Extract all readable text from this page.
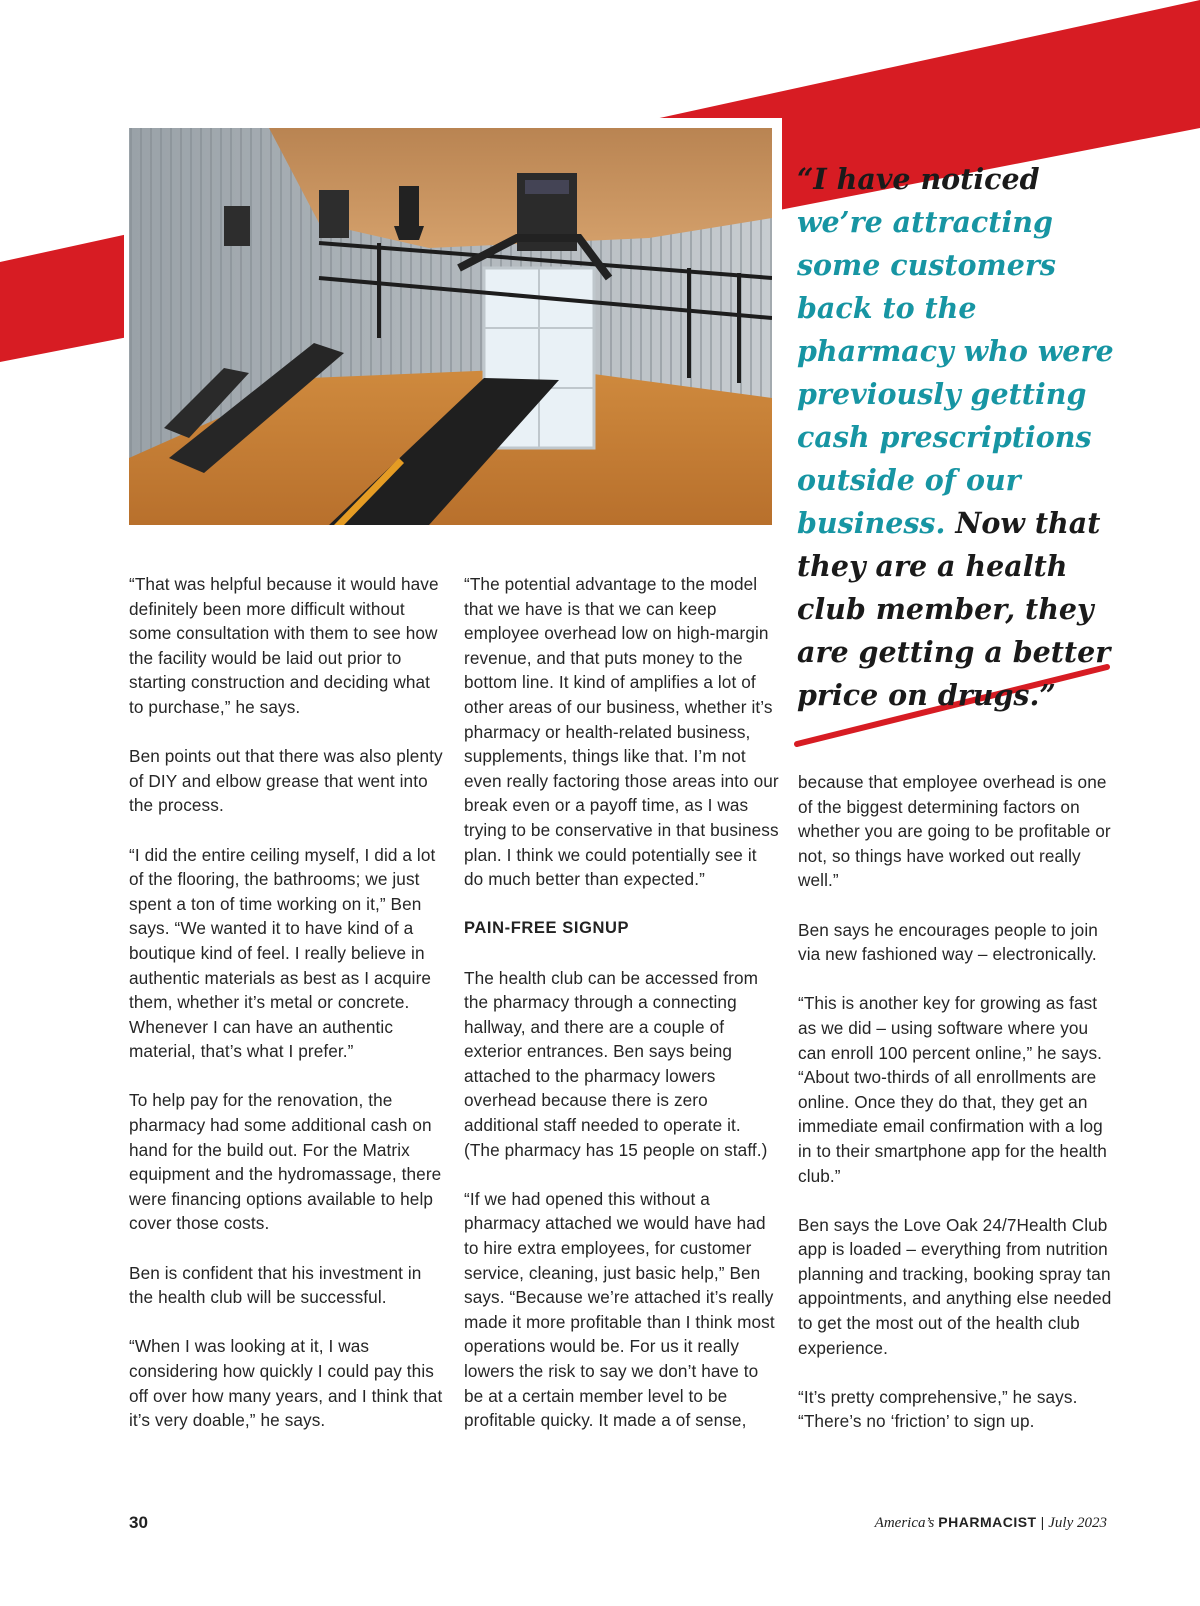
“I have noticed we’re attracting some customers back to the pharmacy who were previously getting cash prescriptions outside of our business. Now that they are a health club member, they are getting a better price on drugs.”

“That was helpful because it would have definitely been more difficult without some consultation with them to see how the facility would be laid out prior to starting construction and deciding what to purchase,” he says.

Ben points out that there was also plenty of DIY and elbow grease that went into the process.

“I did the entire ceiling myself, I did a lot of the flooring, the bathrooms; we just spent a ton of time working on it,” Ben says. “We wanted it to have kind of a boutique kind of feel. I really believe in authentic materials as best as I acquire them, whether it’s metal or concrete. Whenever I can have an authentic material, that’s what I prefer.”

To help pay for the renovation, the pharmacy had some additional cash on hand for the build out. For the Matrix equipment and the hydromassage, there were financing options available to help cover those costs.

Ben is confident that his investment in the health club will be successful.

“When I was looking at it, I was considering how quickly I could pay this off over how many years, and I think that it’s very doable,” he says.

“The potential advantage to the model that we have is that we can keep employee overhead low on high-margin revenue, and that puts money to the bottom line. It kind of amplifies a lot of other areas of our business, whether it’s pharmacy or health-related business, supplements, things like that. I’m not even really factoring those areas into our break even or a payoff time, as I was trying to be conservative in that business plan. I think we could potentially see it do much better than expected.”

PAIN-FREE SIGNUP

The health club can be accessed from the pharmacy through a connecting hallway, and there are a couple of exterior entrances. Ben says being attached to the pharmacy lowers overhead because there is zero additional staff needed to operate it. (The pharmacy has 15 people on staff.)

“If we had opened this without a pharmacy attached we would have had to hire extra employees, for customer service, cleaning, just basic help,” Ben says. “Because we’re attached it’s really made it more profitable than I think most operations would be. For us it really lowers the risk to say we don’t have to be at a certain member level to be profitable quicky. It made a of sense,

because that employee overhead is one of the biggest determining factors on whether you are going to be profitable or not, so things have worked out really well.”

Ben says he encourages people to join via new fashioned way – electronically.

“This is another key for growing as fast as we did – using software where you can enroll 100 percent online,” he says. “About two-thirds of all enrollments are online. Once they do that, they get an immediate email confirmation with a log in to their smartphone app for the health club.”

Ben says the Love Oak 24/7Health Club app is loaded – everything from nutrition planning and tracking, booking spray tan appointments, and anything else needed to get the most out of the health club experience.

“It’s pretty comprehensive,” he says. “There’s no ‘friction’ to sign up.

30	America’s PHARMACIST | July 2023
